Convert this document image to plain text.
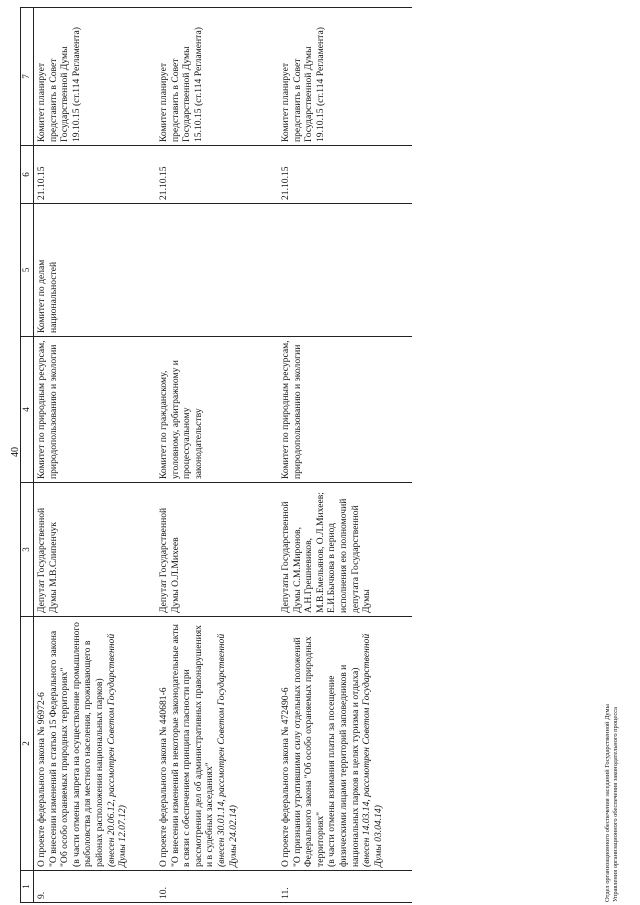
40
1	2	3	4	5	6	7
9.	О проекте федерального закона № 96972-6 "О внесении изменений в статью 15 Федерального закона "Об особо охраняемых природных территориях" (в части отмены запрета на осуществление промышленного рыболовства для местного населения, проживающего в районах расположения национальных парков) (внесен 20.06.12, рассмотрен Советом Государственной Думы 12.07.12)	Депутат Государственной Думы М.В.Слипенчук	Комитет по природным ресурсам, природопользованию и экологии	Комитет по делам национальностей	21.10.15	Комитет планирует представить в Совет Государственной Думы 19.10.15 (ст.114 Регламента)
10.	О проекте федерального закона № 440681-6 "О внесении изменений в некоторые законодательные акты в связи с обеспечением принципа гласности при рассмотрении дел об административных правонарушениях и в судебных заседаниях" (внесен 30.01.14, рассмотрен Советом Государственной Думы 24.02.14)	Депутат Государственной Думы О.Л.Михеев	Комитет по гражданскому, уголовному, арбитражному и процессуальному законодательству		21.10.15	Комитет планирует представить в Совет Государственной Думы 15.10.15 (ст.114 Регламента)
11.	О проекте федерального закона № 472490-6 "О признании утратившими силу отдельных положений Федерального закона "Об особо охраняемых природных территориях" (в части отмены взимания платы за посещение физическими лицами территорий заповедников и национальных парков в целях туризма и отдыха) (внесен 14.03.14, рассмотрен Советом Государственной Думы 03.04.14)	Депутаты Государственной Думы С.М.Миронов, А.Н.Грешневиков, М.В.Емельянов, О.Л.Михеев; Е.И.Бычкова в период исполнения ею полномочий депутата Государственной Думы	Комитет по природным ресурсам, природопользованию и экологии		21.10.15	Комитет планирует представить в Совет Государственной Думы 19.10.15 (ст.114 Регламента)
Отдел организационного обеспечения заседаний Государственной Думы Управления организационного обеспечения законодательного процесса
